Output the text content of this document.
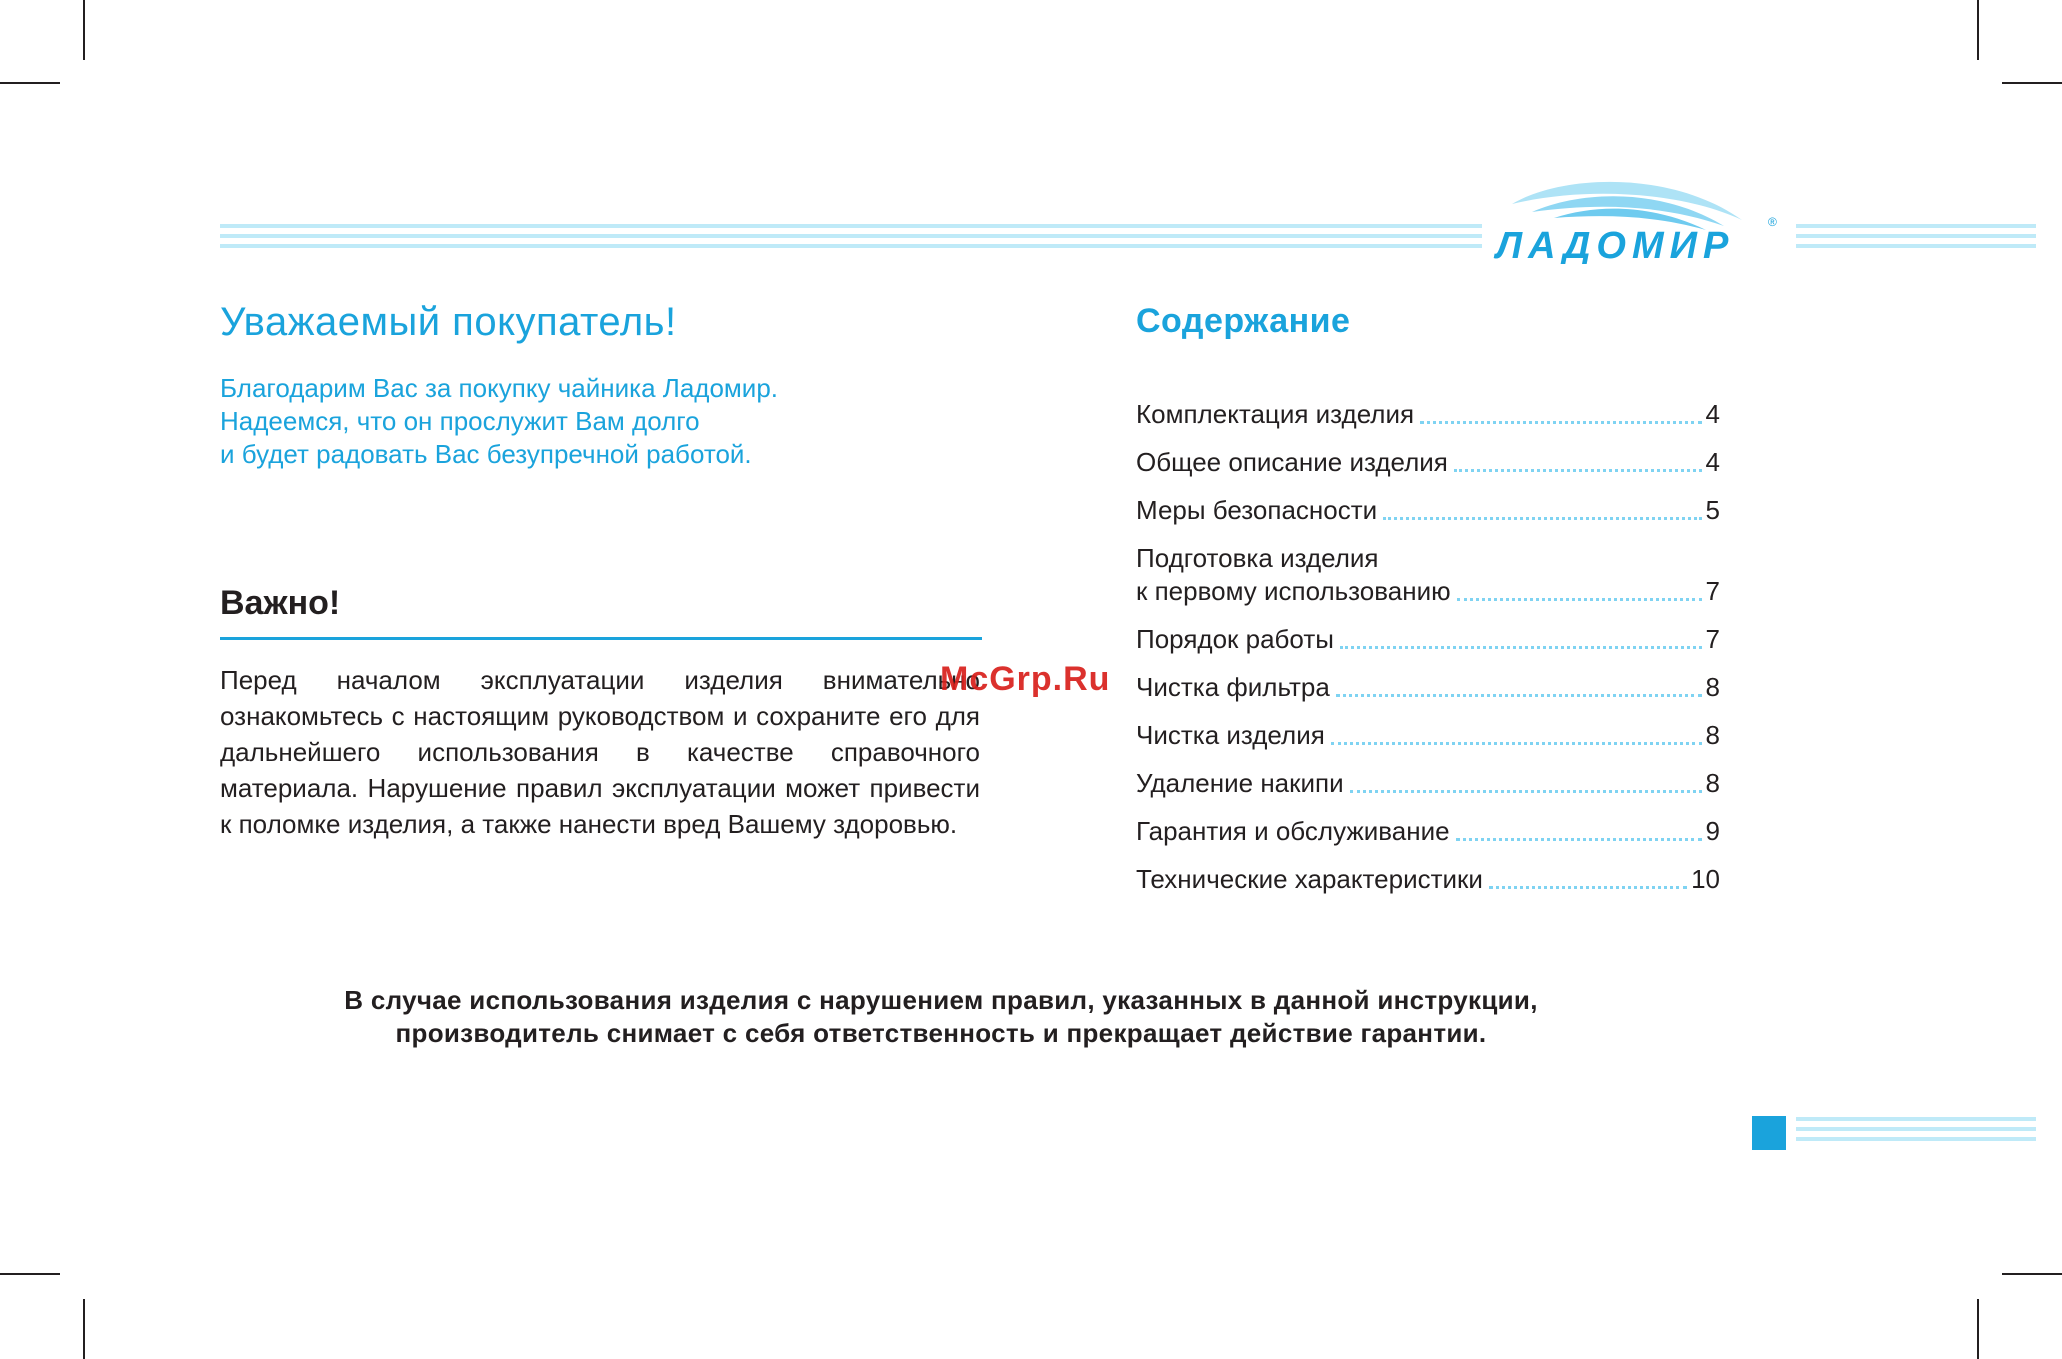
ЛАДОМИР
®
Уважаемый покупатель!
Благодарим Вас за покупку чайника Ладомир.
Надеемся, что он прослужит Вам долго
и будет радовать Вас безупречной работой.
Важно!
Перед началом эксплуатации изделия внимательно ознакомьтесь с настоящим руководством и сохраните его для дальнейшего использования в качестве справочного материала. Нарушение правил эксплуатации может привести к поломке изделия, а также нанести вред Вашему здоровью.
Содержание
Комплектация изделия	4
Общее описание изделия	4
Меры безопасности	5
Подготовка изделия
к первому использованию	7
Порядок работы	7
Чистка фильтра	8
Чистка изделия	8
Удаление накипи	8
Гарантия и обслуживание	9
Технические характеристики	10
McGrp.Ru
В случае использования изделия с нарушением правил, указанных в данной инструкции,
производитель снимает с себя ответственность и прекращает действие гарантии.
